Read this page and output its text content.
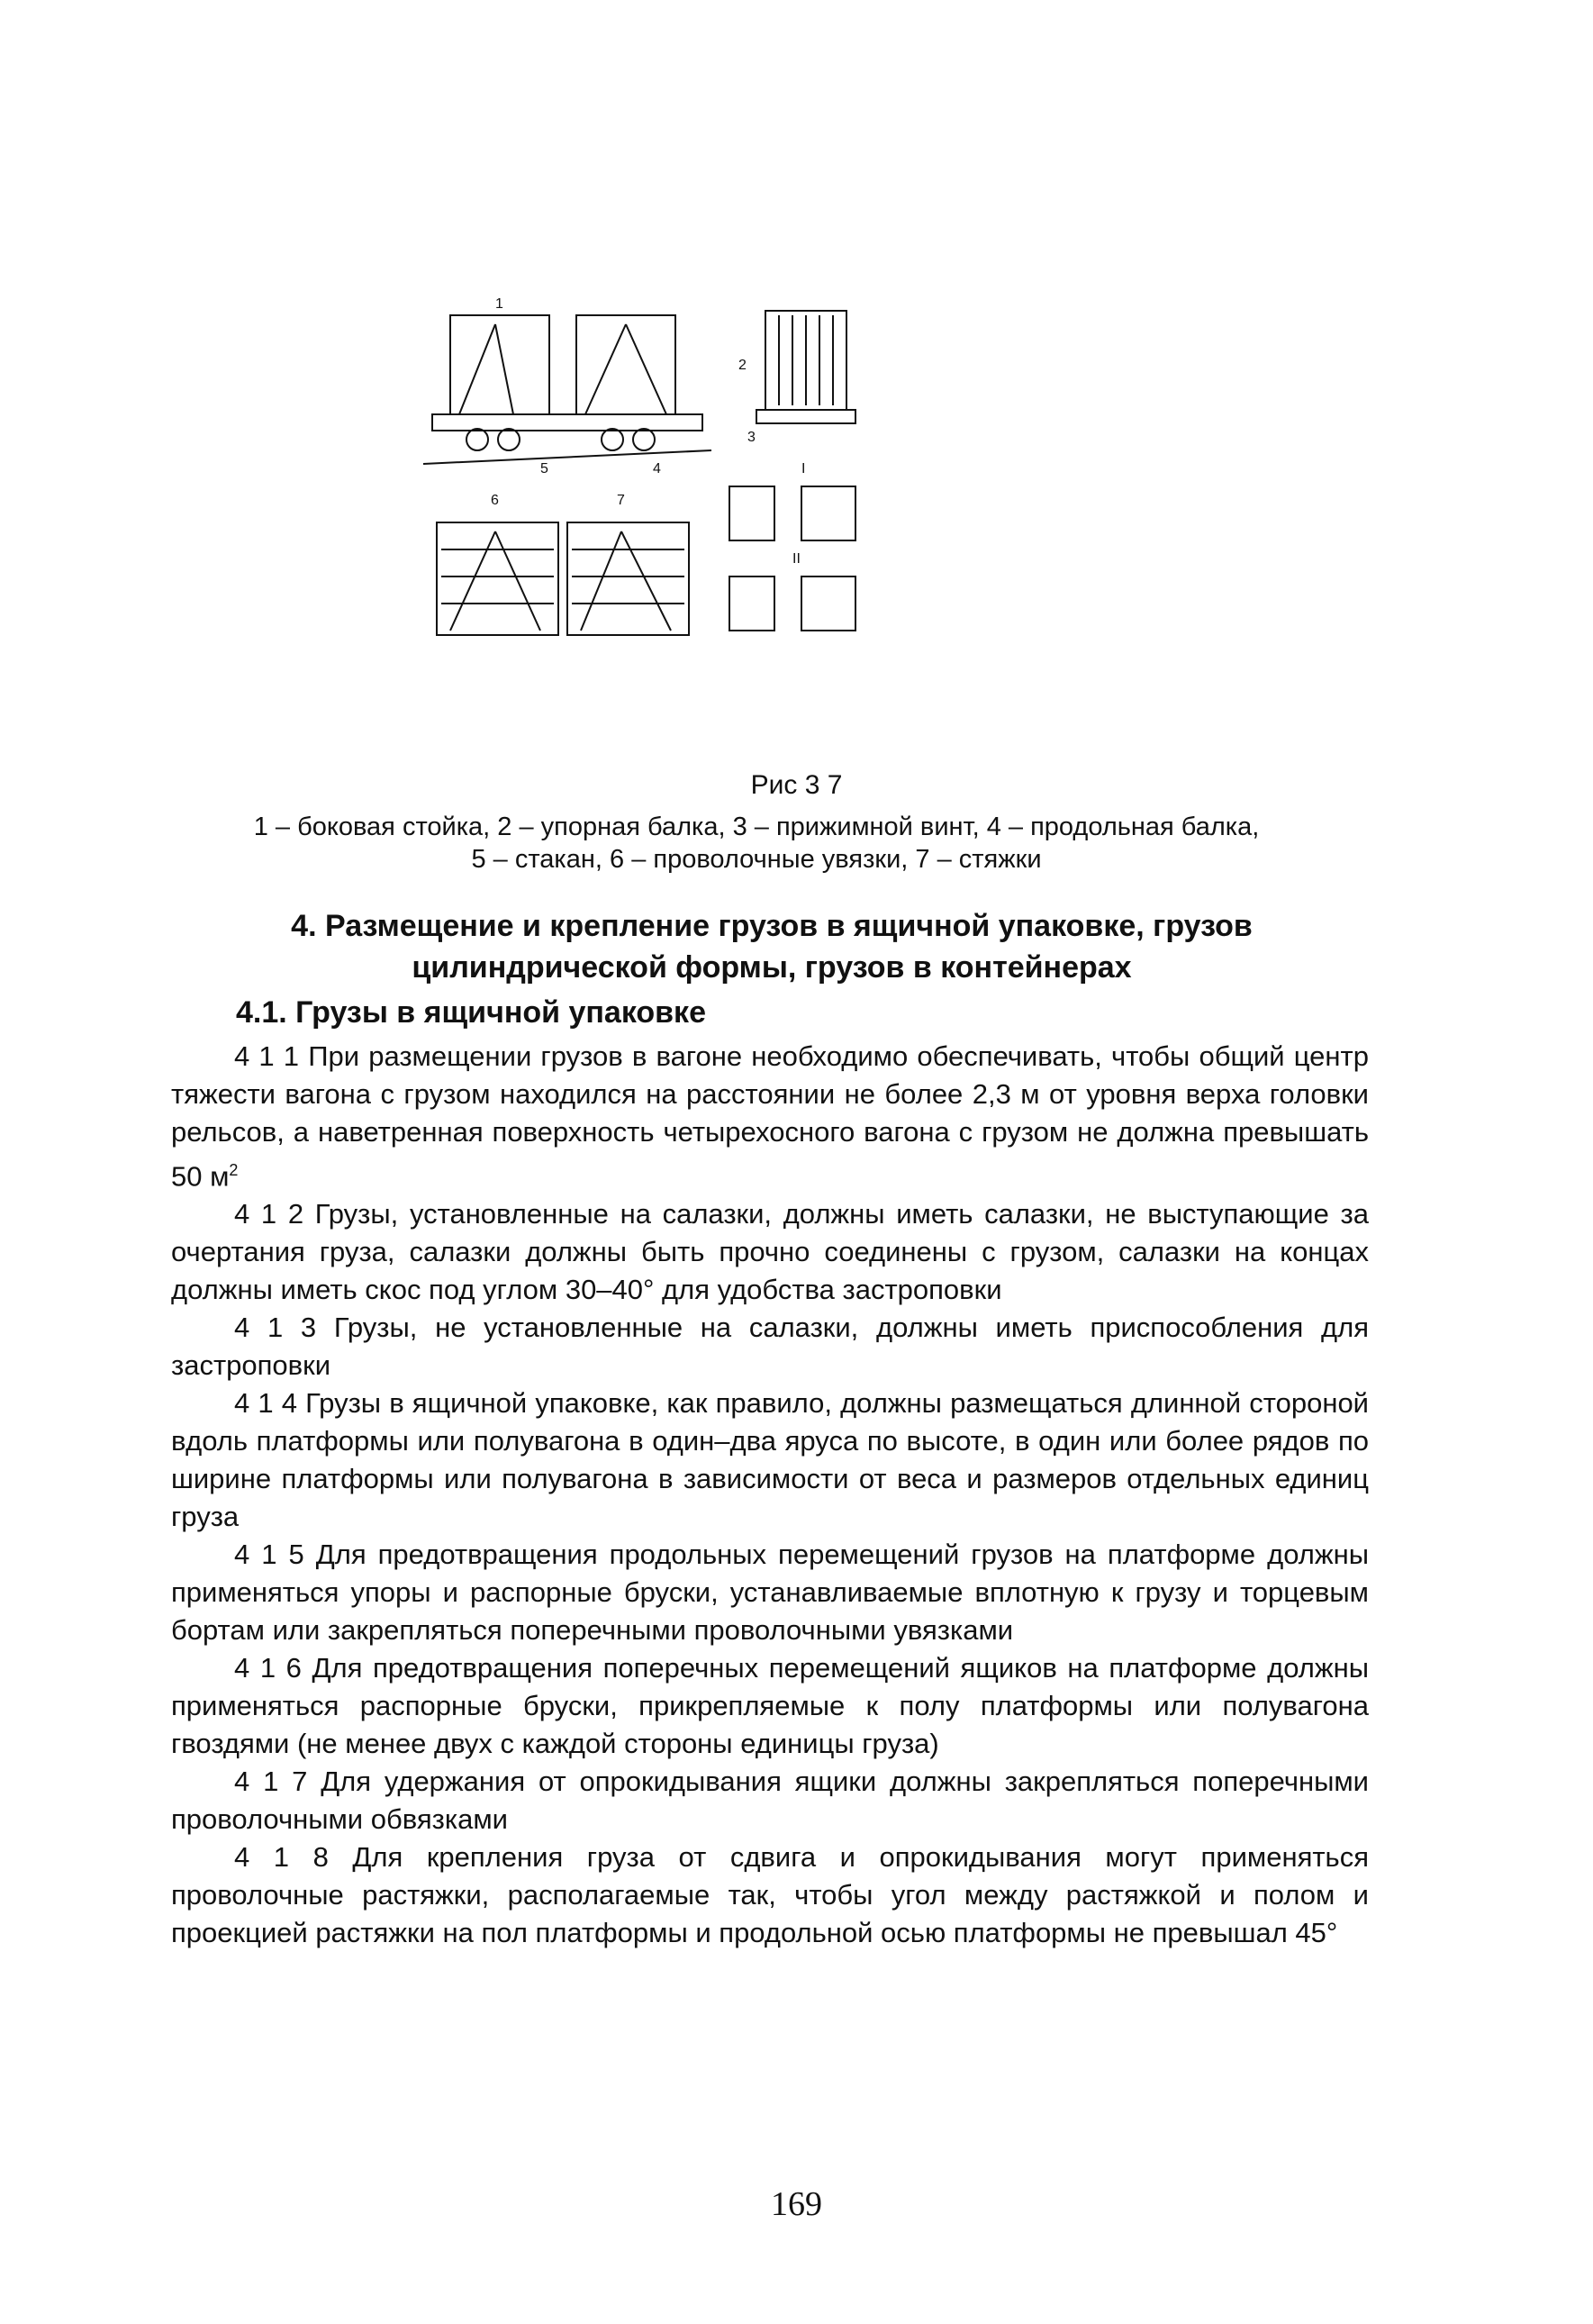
1
2
3
4
5
6	7
I
II
Рис 3 7
1 – боковая стойка, 2 – упорная балка, 3 – прижимной винт, 4 – продольная балка,
5 – стакан, 6 – проволочные увязки, 7 – стяжки
4. Размещение и крепление грузов в ящичной упаковке, грузов цилиндрической формы, грузов в контейнерах
4.1. Грузы в ящичной упаковке

4 1 1 При размещении грузов в вагоне необходимо обеспечивать, чтобы общий центр тяжести вагона с грузом находился на расстоянии не более 2,3 м от уровня верха головки рельсов, а наветренная поверхность четырехосного вагона с грузом не должна превышать 50 $м^2$

4 1 2 Грузы, установленные на салазки, должны иметь салазки, не выступающие за очертания груза, салазки должны быть прочно соединены с грузом, салазки на концах должны иметь скос под углом 30–40° для удобства застроповки

4 1 3 Грузы, не установленные на салазки, должны иметь приспособления для застроповки

4 1 4 Грузы в ящичной упаковке, как правило, должны размещаться длинной стороной вдоль платформы или полувагона в один–два яруса по высоте, в один или более рядов по ширине платформы или полувагона в зависимости от веса и размеров отдельных единиц груза

4 1 5 Для предотвращения продольных перемещений грузов на платформе должны применяться упоры и распорные бруски, устанавливаемые вплотную к грузу и торцевым бортам или закрепляться поперечными проволочными увязками

4 1 6 Для предотвращения поперечных перемещений ящиков на платформе должны применяться распорные бруски, прикрепляемые к полу платформы или полувагона гвоздями (не менее двух с каждой стороны единицы груза)

4 1 7 Для удержания от опрокидывания ящики должны закрепляться поперечными проволочными обвязками

4 1 8 Для крепления груза от сдвига и опрокидывания могут применяться проволочные растяжки, располагаемые так, чтобы угол между растяжкой и полом и проекцией растяжки на пол платформы и продольной осью платформы не превышал 45°

169
